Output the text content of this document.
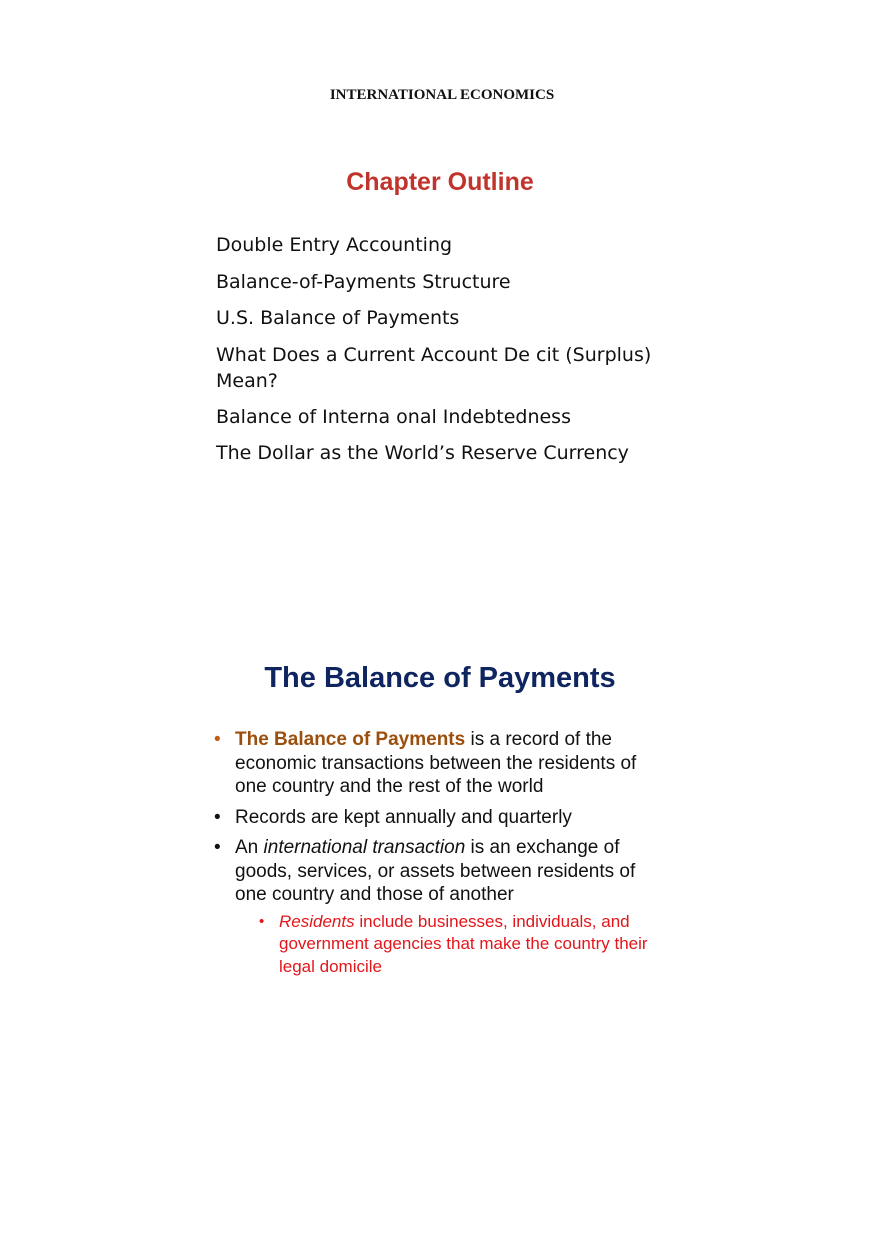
INTERNATIONAL ECONOMICS
Chapter Outline
Double Entry Accounting
Balance-of-Payments Structure
U.S. Balance of Payments
What Does a Current Account De cit (Surplus) Mean?
Balance of Interna onal Indebtedness
The Dollar as the World’s Reserve Currency
The Balance of Payments
• The Balance of Payments is a record of the economic transactions between the residents of one country and the rest of the world
• Records are kept annually and quarterly
• An international transaction is an exchange of goods, services, or assets between residents of one country and those of another
• Residents include businesses, individuals, and government agencies that make the country their legal domicile
